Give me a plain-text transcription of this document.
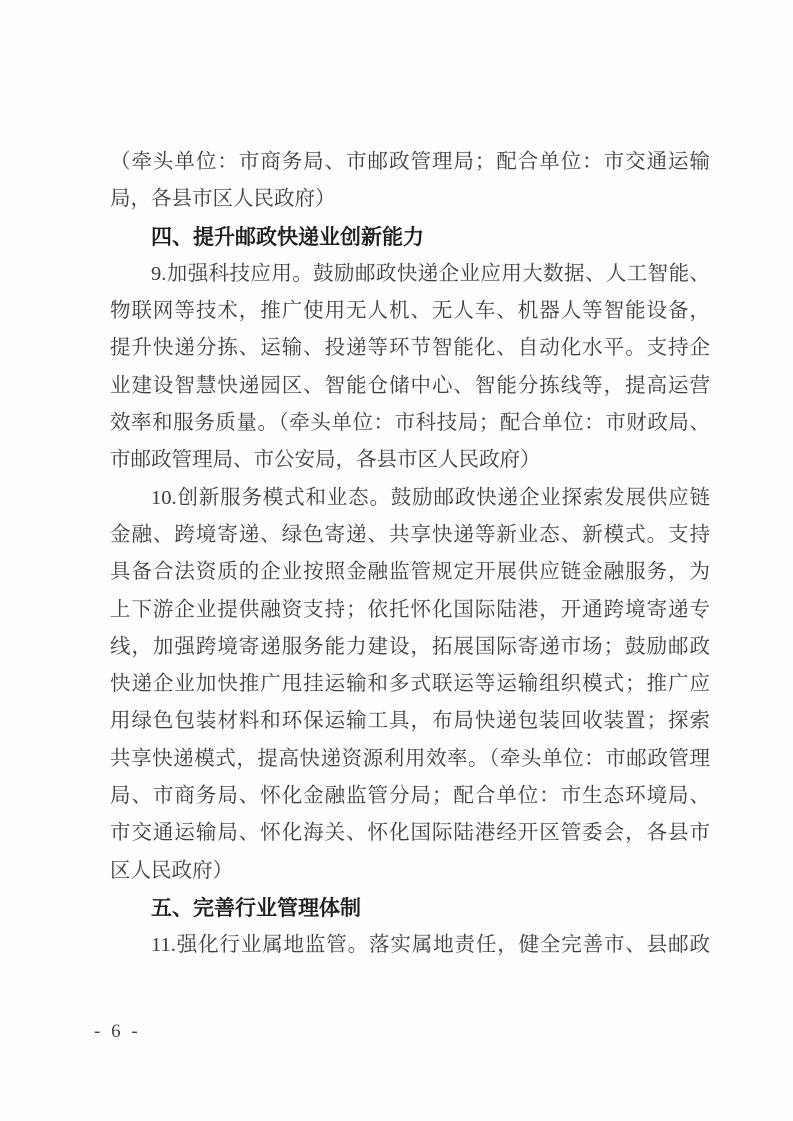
（牵头单位：市商务局、市邮政管理局；配合单位：市交通运输
局，各县市区人民政府）
四、提升邮政快递业创新能力
9.加强科技应用。鼓励邮政快递企业应用大数据、人工智能、
物联网等技术，推广使用无人机、无人车、机器人等智能设备，
提升快递分拣、运输、投递等环节智能化、自动化水平。支持企
业建设智慧快递园区、智能仓储中心、智能分拣线等，提高运营
效率和服务质量。（牵头单位：市科技局；配合单位：市财政局、
市邮政管理局、市公安局，各县市区人民政府）
10.创新服务模式和业态。鼓励邮政快递企业探索发展供应链
金融、跨境寄递、绿色寄递、共享快递等新业态、新模式。支持
具备合法资质的企业按照金融监管规定开展供应链金融服务，为
上下游企业提供融资支持；依托怀化国际陆港，开通跨境寄递专
线，加强跨境寄递服务能力建设，拓展国际寄递市场；鼓励邮政
快递企业加快推广甩挂运输和多式联运等运输组织模式；推广应
用绿色包装材料和环保运输工具，布局快递包装回收装置；探索
共享快递模式，提高快递资源利用效率。（牵头单位：市邮政管理
局、市商务局、怀化金融监管分局；配合单位：市生态环境局、
市交通运输局、怀化海关、怀化国际陆港经开区管委会，各县市
区人民政府）
五、完善行业管理体制
11.强化行业属地监管。落实属地责任，健全完善市、县邮政
- 6 -
